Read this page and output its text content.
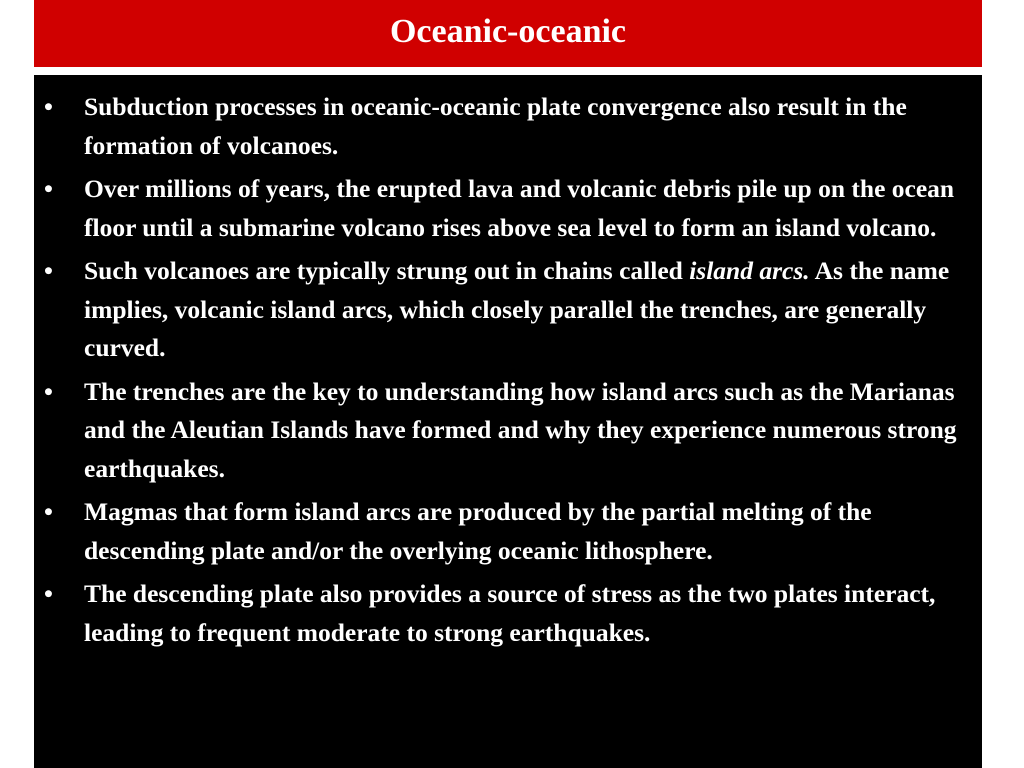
Oceanic-oceanic
•	Subduction processes in oceanic-oceanic plate convergence also result in the formation of volcanoes.
•	Over millions of years, the erupted lava and volcanic debris pile up on the ocean floor until a submarine volcano rises above sea level to form an island volcano.
•	Such volcanoes are typically strung out in chains called island arcs. As the name implies, volcanic island arcs, which closely parallel the trenches, are generally curved.
•	The trenches are the key to understanding how island arcs such as the Marianas and the Aleutian Islands have formed and why they experience numerous strong earthquakes.
•	Magmas that form island arcs are produced by the partial melting of the descending plate and/or the overlying oceanic lithosphere.
•	The descending plate also provides a source of stress as the two plates interact, leading to frequent moderate to strong earthquakes.
